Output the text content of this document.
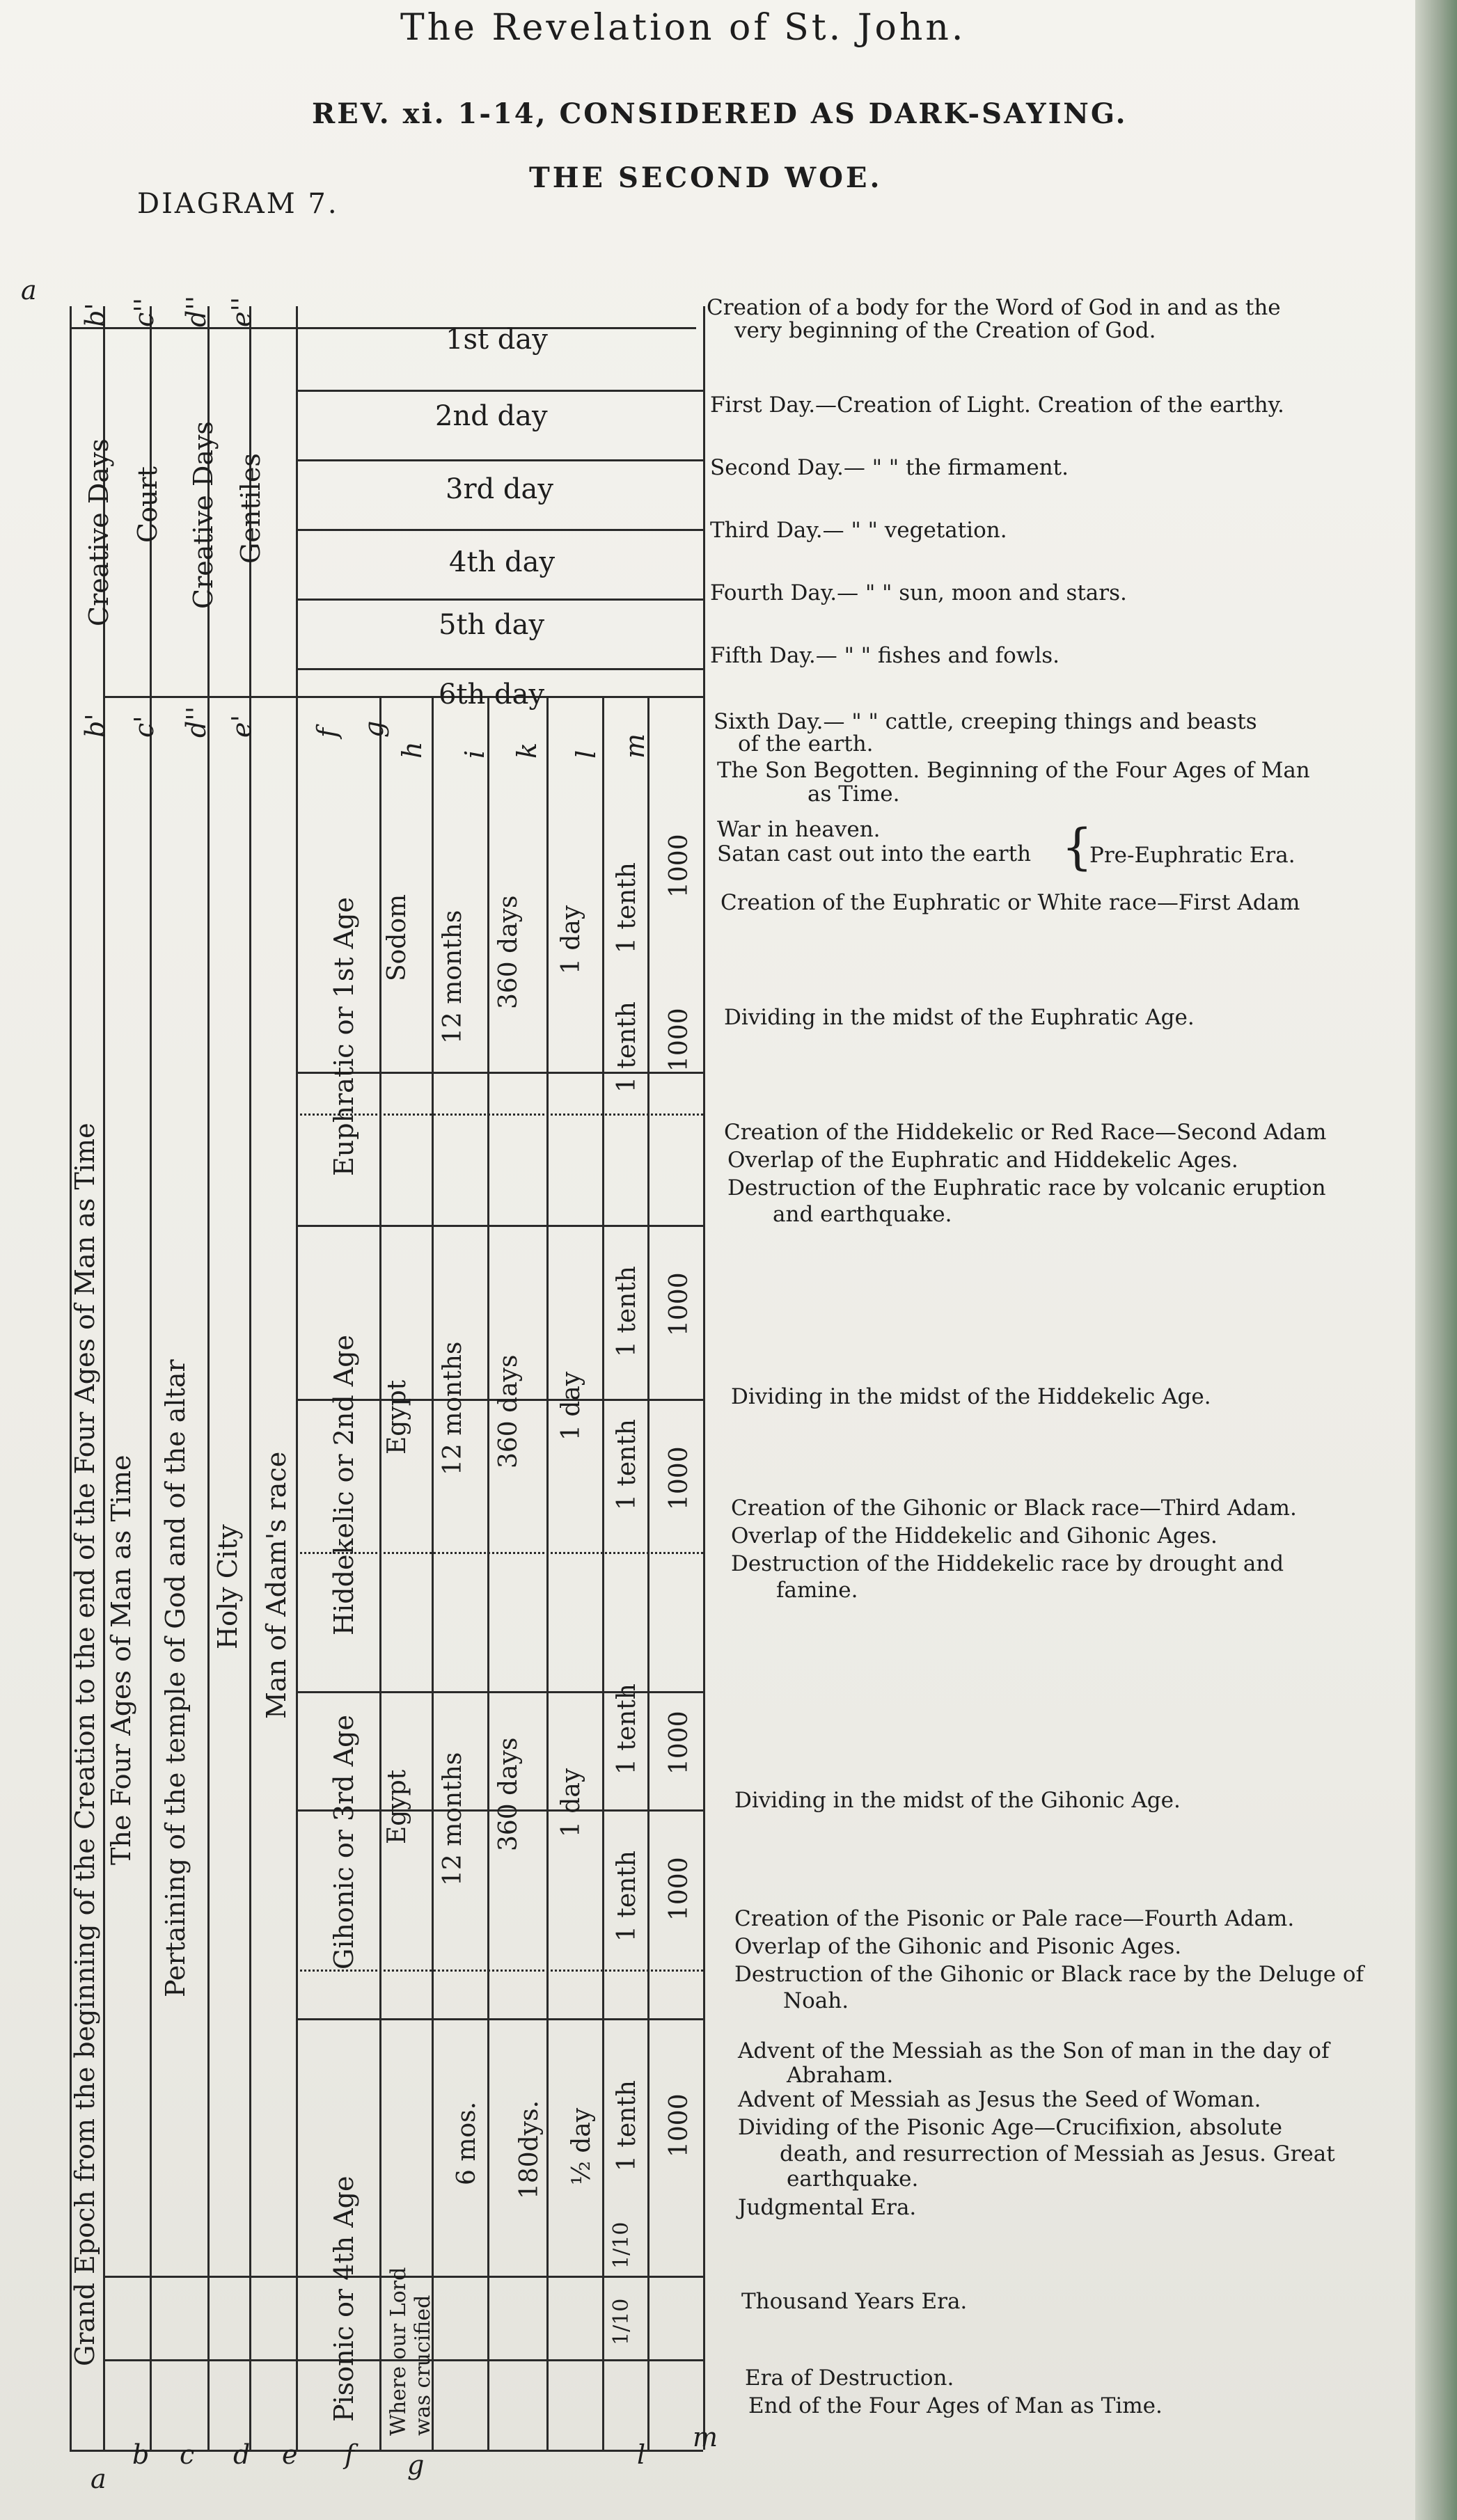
The Revelation of St. John.
REV. xi. 1-14, CONSIDERED AS DARK-SAYING.
THE SECOND WOE.
DIAGRAM 7.
a
b' c'' d'' e''
b' c' d'' e' f g
h i k l m
a
b c d e f g	l
m
Grand Epoch from the beginning of the Creation to the end of the Four Ages of Man as Time The Four Ages of Man as Time Pertaining of the temple of God and of the altar Holy City Man of Adam's race
Creative Days Court Creative Days Gentiles
Euphratic or 1st Age
Hiddekelic or 2nd Age
Gihonic or 3rd Age
Pisonic or 4th Age
Sodom
Egypt
Egypt
Where our Lord was crucified
12 months
12 months
12 months
6 mos.
360 days
360 days
360 days
180dys.
1 day
1 day
1 day
½ day
1 tenth
1 tenth
1 tenth
1 tenth
1 tenth
1 tenth
1 tenth
1/10
1/10
1000
1000
1000
1000
1000
1000
1000
1st day
2nd day
3rd day
4th day
5th day
6th day
Creation of a body for the Word of God in and as the
very beginning of the Creation of God.
First Day.—Creation of Light. Creation of the earthy.
Second Day.— " " the firmament.
Third Day.— " " vegetation.
Fourth Day.— " " sun, moon and stars.
Fifth Day.— " " fishes and fowls.
Sixth Day.— " " cattle, creeping things and beasts
of the earth.
The Son Begotten. Beginning of the Four Ages of Man
as Time.
War in heaven.
Satan cast out into the earth {
Pre-Euphratic Era.
Creation of the Euphratic or White race—First Adam
Dividing in the midst of the Euphratic Age.
Creation of the Hiddekelic or Red Race—Second Adam
Overlap of the Euphratic and Hiddekelic Ages.
Destruction of the Euphratic race by volcanic eruption
and earthquake.
Dividing in the midst of the Hiddekelic Age.
Creation of the Gihonic or Black race—Third Adam.
Overlap of the Hiddekelic and Gihonic Ages.
Destruction of the Hiddekelic race by drought and
famine.
Dividing in the midst of the Gihonic Age.
Creation of the Pisonic or Pale race—Fourth Adam.
Overlap of the Gihonic and Pisonic Ages.
Destruction of the Gihonic or Black race by the Deluge of
Noah.
Advent of the Messiah as the Son of man in the day of
Abraham.
Advent of Messiah as Jesus the Seed of Woman.
Dividing of the Pisonic Age—Crucifixion, absolute
death, and resurrection of Messiah as Jesus. Great
earthquake.
Judgmental Era.
Thousand Years Era.
Era of Destruction.
End of the Four Ages of Man as Time.
